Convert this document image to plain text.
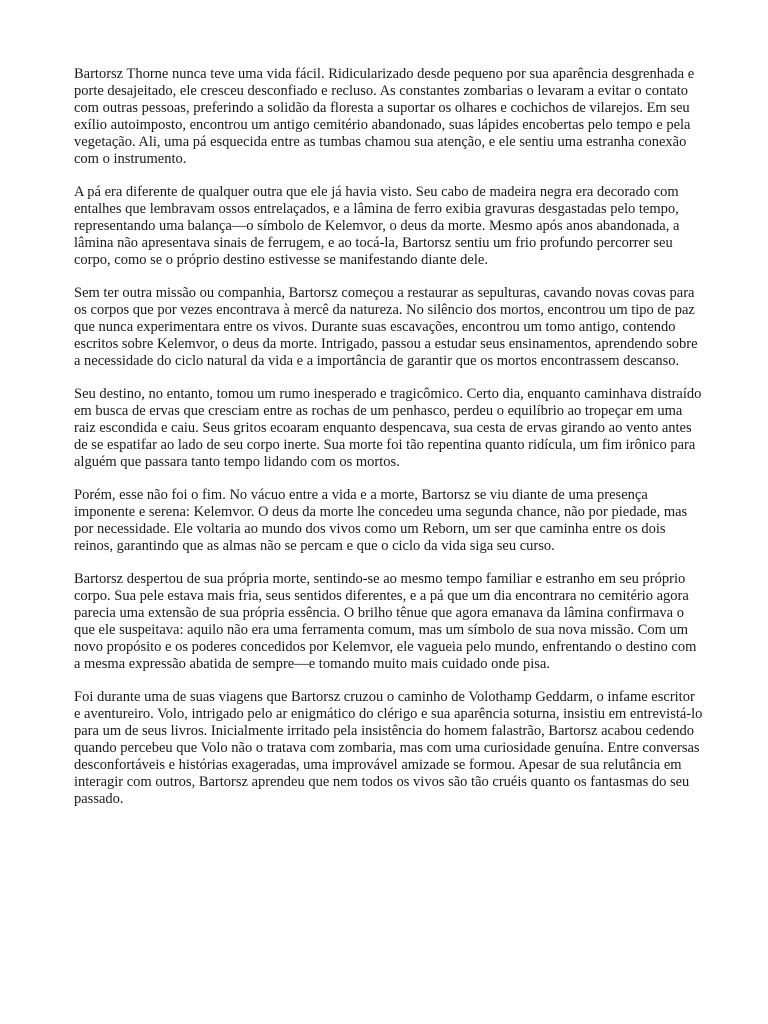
Bartorsz Thorne nunca teve uma vida fácil. Ridicularizado desde pequeno por sua aparência desgrenhada e porte desajeitado, ele cresceu desconfiado e recluso. As constantes zombarias o levaram a evitar o contato com outras pessoas, preferindo a solidão da floresta a suportar os olhares e cochichos de vilarejos. Em seu exílio autoimposto, encontrou um antigo cemitério abandonado, suas lápides encobertas pelo tempo e pela vegetação. Ali, uma pá esquecida entre as tumbas chamou sua atenção, e ele sentiu uma estranha conexão com o instrumento.

A pá era diferente de qualquer outra que ele já havia visto. Seu cabo de madeira negra era decorado com entalhes que lembravam ossos entrelaçados, e a lâmina de ferro exibia gravuras desgastadas pelo tempo, representando uma balança—o símbolo de Kelemvor, o deus da morte. Mesmo após anos abandonada, a lâmina não apresentava sinais de ferrugem, e ao tocá-la, Bartorsz sentiu um frio profundo percorrer seu corpo, como se o próprio destino estivesse se manifestando diante dele.

Sem ter outra missão ou companhia, Bartorsz começou a restaurar as sepulturas, cavando novas covas para os corpos que por vezes encontrava à mercê da natureza. No silêncio dos mortos, encontrou um tipo de paz que nunca experimentara entre os vivos. Durante suas escavações, encontrou um tomo antigo, contendo escritos sobre Kelemvor, o deus da morte. Intrigado, passou a estudar seus ensinamentos, aprendendo sobre a necessidade do ciclo natural da vida e a importância de garantir que os mortos encontrassem descanso.

Seu destino, no entanto, tomou um rumo inesperado e tragicômico. Certo dia, enquanto caminhava distraído em busca de ervas que cresciam entre as rochas de um penhasco, perdeu o equilíbrio ao tropeçar em uma raiz escondida e caiu. Seus gritos ecoaram enquanto despencava, sua cesta de ervas girando ao vento antes de se espatifar ao lado de seu corpo inerte. Sua morte foi tão repentina quanto ridícula, um fim irônico para alguém que passara tanto tempo lidando com os mortos.

Porém, esse não foi o fim. No vácuo entre a vida e a morte, Bartorsz se viu diante de uma presença imponente e serena: Kelemvor. O deus da morte lhe concedeu uma segunda chance, não por piedade, mas por necessidade. Ele voltaria ao mundo dos vivos como um Reborn, um ser que caminha entre os dois reinos, garantindo que as almas não se percam e que o ciclo da vida siga seu curso.

Bartorsz despertou de sua própria morte, sentindo-se ao mesmo tempo familiar e estranho em seu próprio corpo. Sua pele estava mais fria, seus sentidos diferentes, e a pá que um dia encontrara no cemitério agora parecia uma extensão de sua própria essência. O brilho tênue que agora emanava da lâmina confirmava o que ele suspeitava: aquilo não era uma ferramenta comum, mas um símbolo de sua nova missão. Com um novo propósito e os poderes concedidos por Kelemvor, ele vagueia pelo mundo, enfrentando o destino com a mesma expressão abatida de sempre—e tomando muito mais cuidado onde pisa.

Foi durante uma de suas viagens que Bartorsz cruzou o caminho de Volothamp Geddarm, o infame escritor e aventureiro. Volo, intrigado pelo ar enigmático do clérigo e sua aparência soturna, insistiu em entrevistá-lo para um de seus livros. Inicialmente irritado pela insistência do homem falastrão, Bartorsz acabou cedendo quando percebeu que Volo não o tratava com zombaria, mas com uma curiosidade genuína. Entre conversas desconfortáveis e histórias exageradas, uma improvável amizade se formou. Apesar de sua relutância em interagir com outros, Bartorsz aprendeu que nem todos os vivos são tão cruéis quanto os fantasmas do seu passado.
